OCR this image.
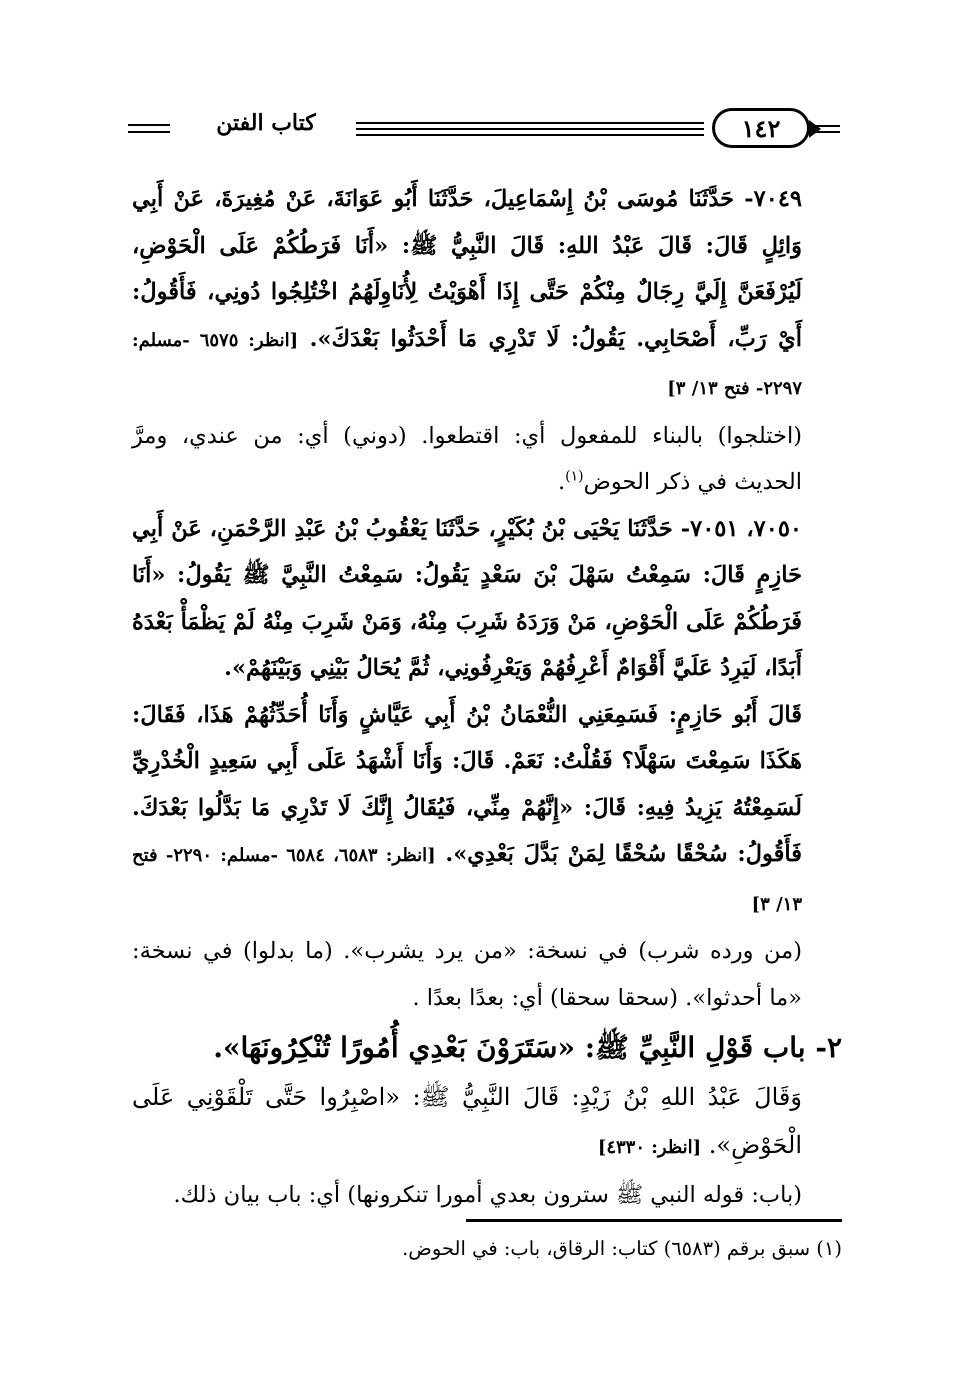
كتاب الفتن	١٤٢

٧٠٤٩- حَدَّثَنَا مُوسَى بْنُ إِسْمَاعِيلَ، حَدَّثَنَا أَبُو عَوَانَةَ، عَنْ مُغِيرَةَ، عَنْ أَبِي وَائِلٍ قَالَ: قَالَ عَبْدُ اللهِ: قَالَ النَّبِيُّ ﷺ: «أَنَا فَرَطُكُمْ عَلَى الْحَوْضِ، لَيُرْفَعَنَّ إِلَيَّ رِجَالٌ مِنْكُمْ حَتَّى إِذَا أَهْوَيْتُ لِأُنَاوِلَهُمُ اخْتُلِجُوا دُونِي، فَأَقُولُ: أَيْ رَبِّ، أَصْحَابِي. يَقُولُ: لَا تَدْرِي مَا أَحْدَثُوا بَعْدَكَ». [انظر: ٦٥٧٥ -مسلم: ٢٢٩٧- فتح ١٣/ ٣]

(اختلجوا) بالبناء للمفعول أي: اقتطعوا. (دوني) أي: من عندي، ومرَّ الحديث في ذكر الحوض$^{(١)}$.

٧٠٥٠، ٧٠٥١- حَدَّثَنَا يَحْيَى بْنُ بُكَيْرٍ، حَدَّثَنَا يَعْقُوبُ بْنُ عَبْدِ الرَّحْمَنِ، عَنْ أَبِي حَازِمٍ قَالَ: سَمِعْتُ سَهْلَ بْنَ سَعْدٍ يَقُولُ: سَمِعْتُ النَّبِيَّ ﷺ يَقُولُ: «أَنَا فَرَطُكُمْ عَلَى الْحَوْضِ، مَنْ وَرَدَهُ شَرِبَ مِنْهُ، وَمَنْ شَرِبَ مِنْهُ لَمْ يَظْمَأْ بَعْدَهُ أَبَدًا، لَيَرِدُ عَلَيَّ أَقْوَامٌ أَعْرِفُهُمْ وَيَعْرِفُونِي، ثُمَّ يُحَالُ بَيْنِي وَبَيْنَهُمْ».

قَالَ أَبُو حَازِمٍ: فَسَمِعَنِي النُّعْمَانُ بْنُ أَبِي عَيَّاشٍ وَأَنَا أُحَدِّثُهُمْ هَذَا، فَقَالَ: هَكَذَا سَمِعْتَ سَهْلًا؟ فَقُلْتُ: نَعَمْ. قَالَ: وَأَنَا أَشْهَدُ عَلَى أَبِي سَعِيدٍ الْخُدْرِيِّ لَسَمِعْتُهُ يَزِيدُ فِيهِ: قَالَ: «إِنَّهُمْ مِنِّي، فَيُقَالُ إِنَّكَ لَا تَدْرِي مَا بَدَّلُوا بَعْدَكَ. فَأَقُولُ: سُحْقًا سُحْقًا لِمَنْ بَدَّلَ بَعْدِي». [انظر: ٦٥٨٣، ٦٥٨٤ -مسلم: ٢٢٩٠- فتح ١٣/ ٣]

(من ورده شرب) في نسخة: «من يرد يشرب». (ما بدلوا) في نسخة: «ما أحدثوا». (سحقا سحقا) أي: بعدًا بعدًا .

٢- باب قَوْلِ النَّبِيِّ ﷺ: «سَتَرَوْنَ بَعْدِي أُمُورًا تُنْكِرُونَهَا».

وَقَالَ عَبْدُ اللهِ بْنُ زَيْدٍ: قَالَ النَّبِيُّ ﷺ: «اصْبِرُوا حَتَّى تَلْقَوْنِي عَلَى الْحَوْضِ». [انظر: ٤٣٣٠]

(باب: قوله النبي ﷺ سترون بعدي أمورا تنكرونها) أي: باب بيان ذلك.

(١) سبق برقم (٦٥٨٣) كتاب: الرقاق، باب: في الحوض.
